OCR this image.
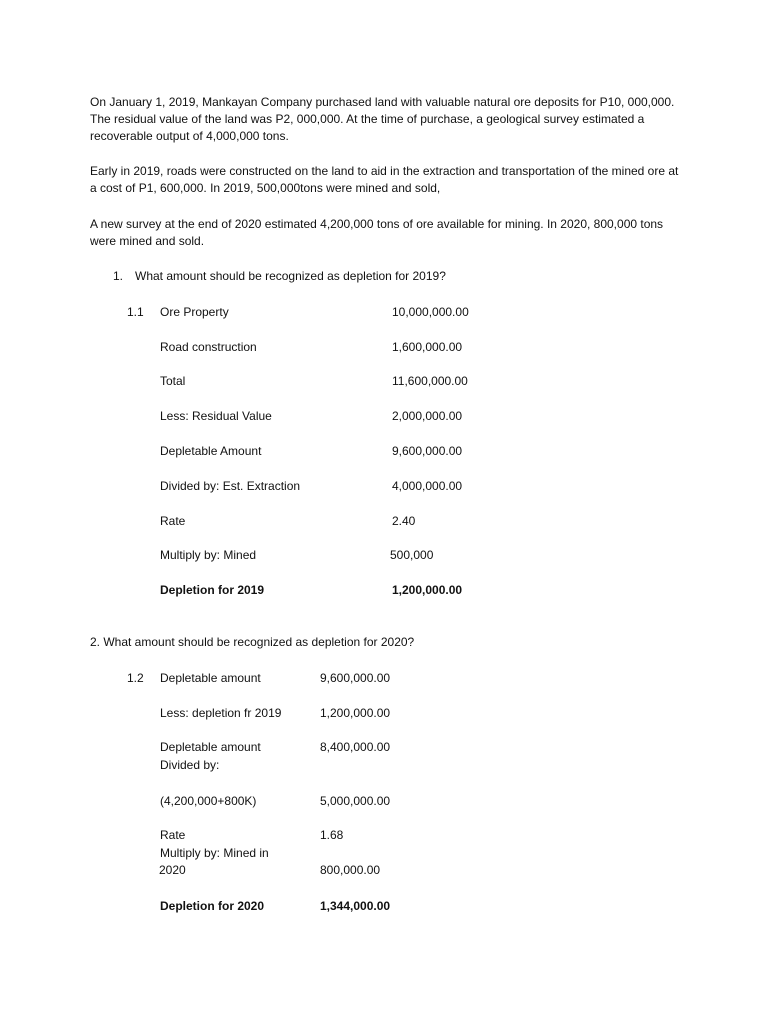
On January 1, 2019, Mankayan Company purchased land with valuable natural ore deposits for P10, 000,000. The residual value of the land was P2, 000,000. At the time of purchase, a geological survey estimated a recoverable output of 4,000,000 tons.

Early in 2019, roads were constructed on the land to aid in the extraction and transportation of the mined ore at a cost of P1, 600,000. In 2019, 500,000tons were mined and sold,

A new survey at the end of 2020 estimated 4,200,000 tons of ore available for mining. In 2020, 800,000 tons were mined and sold.

1. What amount should be recognized as depletion for 2019?

1.1 Ore Property	10,000,000.00
Road construction	1,600,000.00
Total	11,600,000.00
Less: Residual Value	2,000,000.00
Depletable Amount	9,600,000.00
Divided by: Est. Extraction	4,000,000.00
Rate	2.40
Multiply by: Mined	500,000
Depletion for 2019	1,200,000.00

2. What amount should be recognized as depletion for 2020?

1.2 Depletable amount	9,600,000.00
Less: depletion fr 2019	1,200,000.00
Depletable amount	8,400,000.00
Divided by:
(4,200,000+800K)	5,000,000.00
Rate	1.68
Multiply by: Mined in
2020	800,000.00
Depletion for 2020	1,344,000.00
